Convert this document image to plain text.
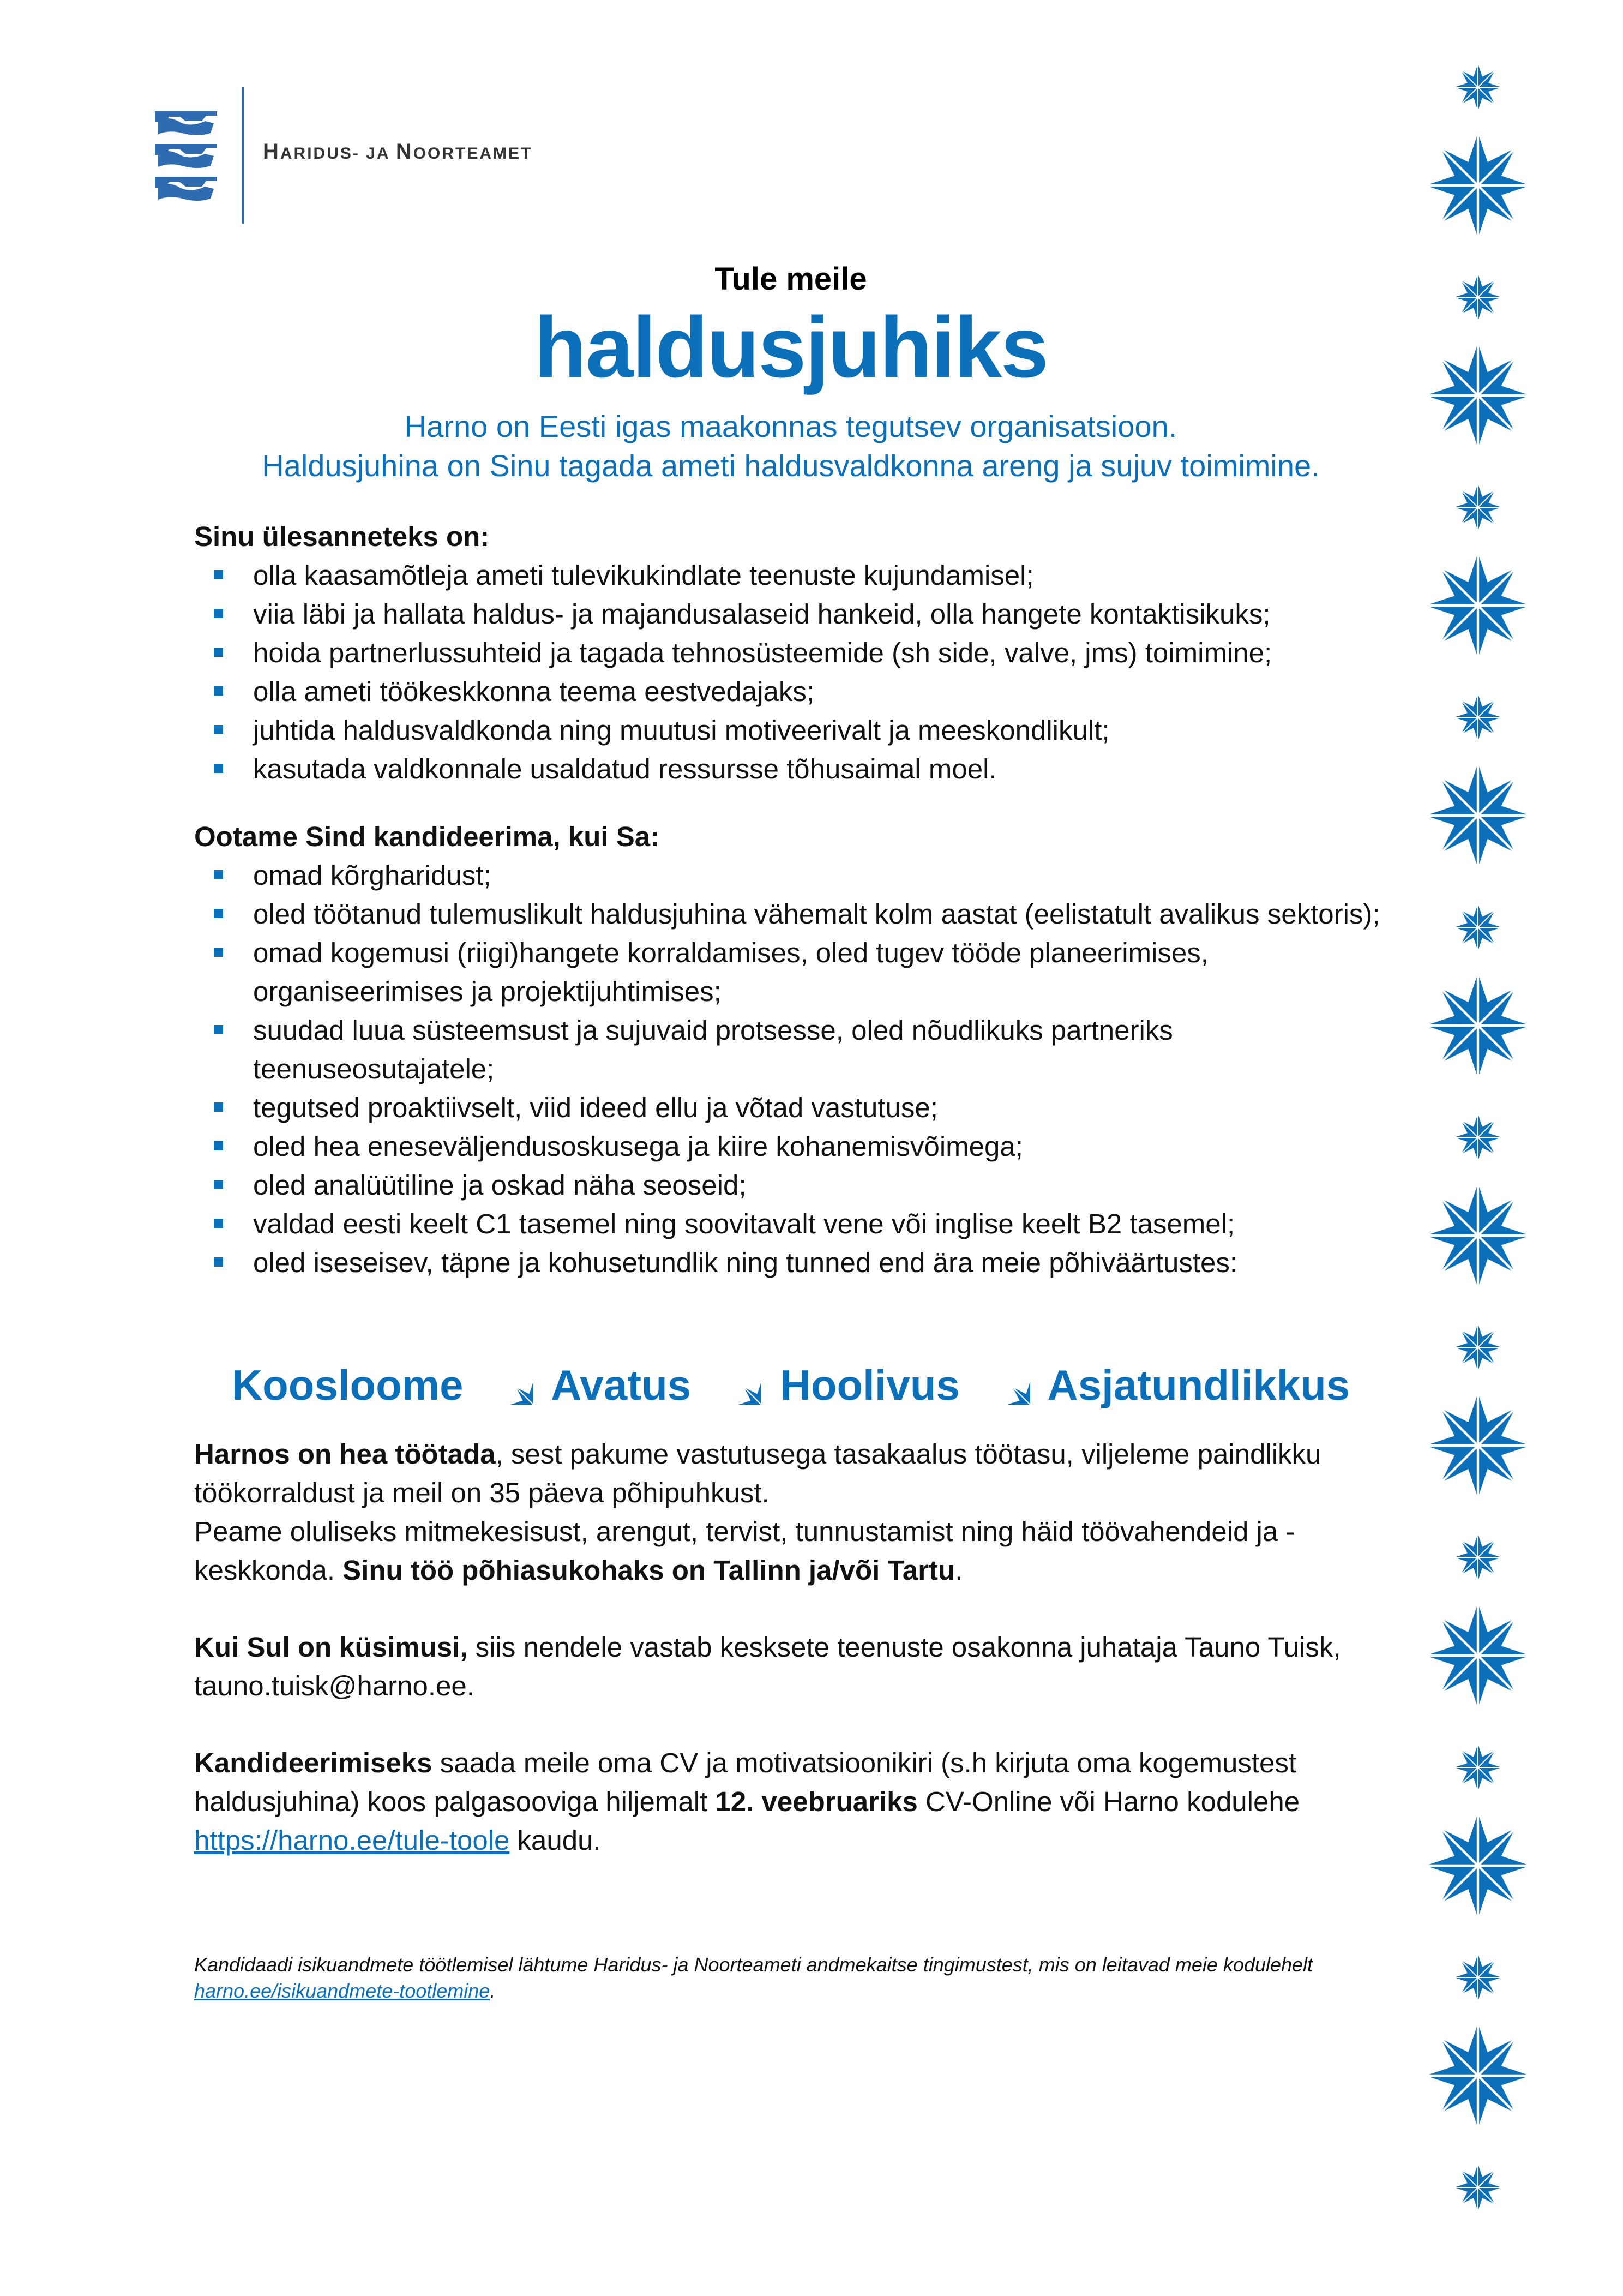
HARIDUS- JA NOORTEAMET
Tule meile
haldusjuhiks
Harno on Eesti igas maakonnas tegutsev organisatsioon.
Haldusjuhina on Sinu tagada ameti haldusvaldkonna areng ja sujuv toimimine.

Sinu ülesanneteks on:

olla kaasamõtleja ameti tulevikukindlate teenuste kujundamisel;
viia läbi ja hallata haldus- ja majandusalaseid hankeid, olla hangete kontaktisikuks;
hoida partnerlussuhteid ja tagada tehnosüsteemide (sh side, valve, jms) toimimine;
olla ameti töökeskkonna teema eestvedajaks;
juhtida haldusvaldkonda ning muutusi motiveerivalt ja meeskondlikult;
kasutada valdkonnale usaldatud ressursse tõhusaimal moel.

Ootame Sind kandideerima, kui Sa:

omad kõrgharidust;
oled töötanud tulemuslikult haldusjuhina vähemalt kolm aastat (eelistatult avalikus sektoris);
omad kogemusi (riigi)hangete korraldamises, oled tugev tööde planeerimises, organiseerimises ja projektijuhtimises;
suudad luua süsteemsust ja sujuvaid protsesse, oled nõudlikuks partneriks teenuseosutajatele;
tegutsed proaktiivselt, viid ideed ellu ja võtad vastutuse;
oled hea eneseväljendusoskusega ja kiire kohanemisvõimega;
oled analüütiline ja oskad näha seoseid;
valdad eesti keelt C1 tasemel ning soovitavalt vene või inglise keelt B2 tasemel;
oled iseseisev, täpne ja kohusetundlik ning tunned end ära meie põhiväärtustes:
Koosloome Avatus Hoolivus Asjatundlikkus
Harnos on hea töötada, sest pakume vastutusega tasakaalus töötasu, viljeleme paindlikku töökorraldust ja meil on 35 päeva põhipuhkust.
Peame oluliseks mitmekesisust, arengut, tervist, tunnustamist ning häid töövahendeid ja -keskkonda. Sinu töö põhiasukohaks on Tallinn ja/või Tartu.
Kui Sul on küsimusi, siis nendele vastab kesksete teenuste osakonna juhataja Tauno Tuisk, tauno.tuisk@harno.ee.
Kandideerimiseks saada meile oma CV ja motivatsioonikiri (s.h kirjuta oma kogemustest haldusjuhina) koos palgasooviga hiljemalt 12. veebruariks CV-Online või Harno kodulehe https://harno.ee/tule-toole kaudu.
Kandidaadi isikuandmete töötlemisel lähtume Haridus- ja Noorteameti andmekaitse tingimustest, mis on leitavad meie kodulehelt harno.ee/isikuandmete-tootlemine.
